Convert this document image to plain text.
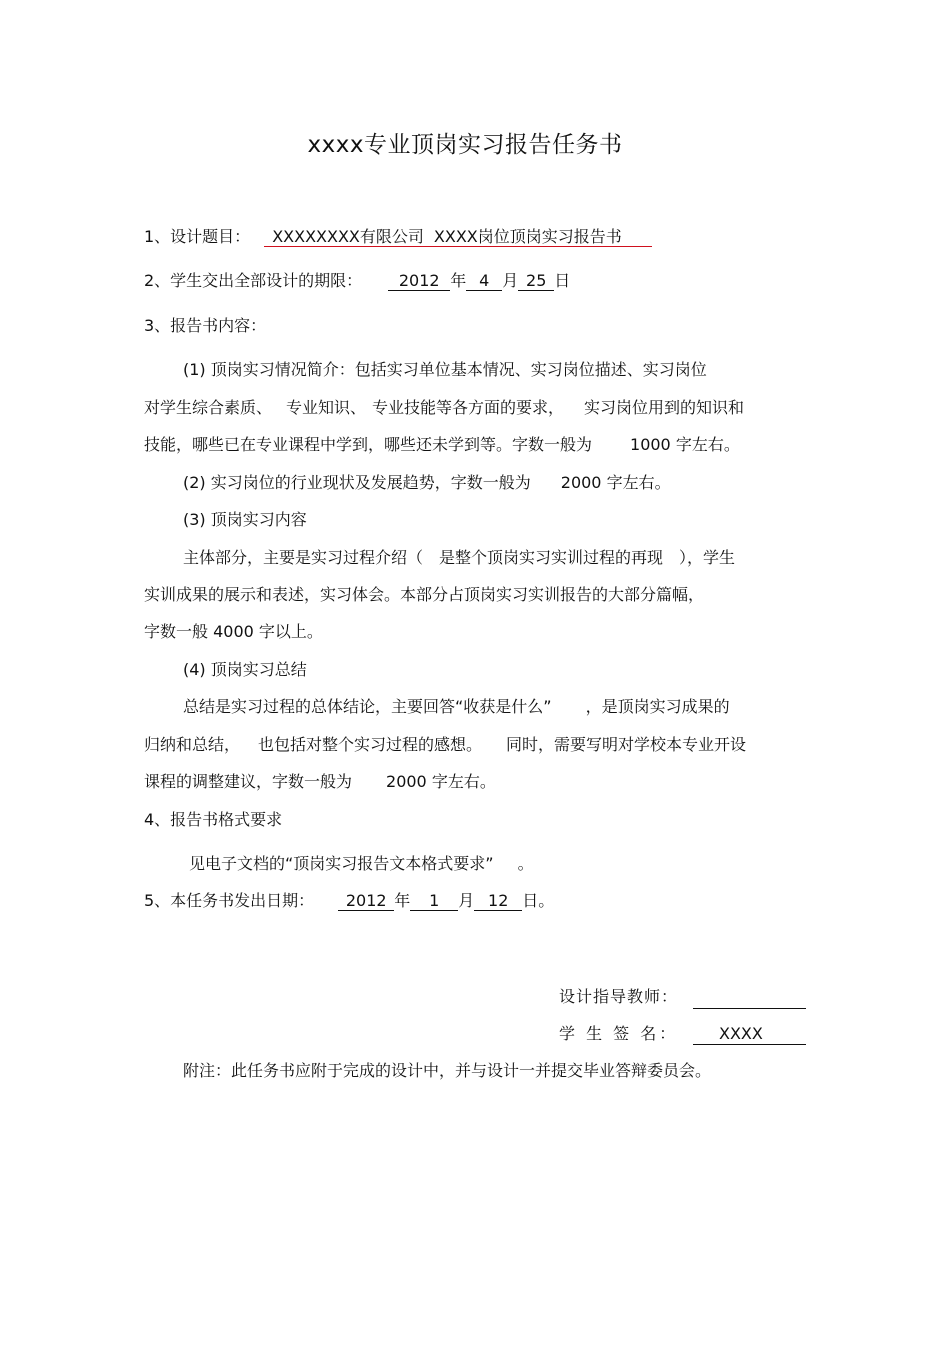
xxxx专业顶岗实习报告任务书
1、设计题目： XXXXXXXX有限公司 XXXX岗位顶岗实习报告书
2、学生交出全部设计的期限： 2012 年 4 月 25 日
3、报告书内容：
(1) 顶岗实习情况简介：包括实习单位基本情况、实习岗位描述、实习岗位
对学生综合素质、 专业知识、 专业技能等各方面的要求， 实习岗位用到的知识和
技能，哪些已在专业课程中学到，哪些还未学到等。字数一般为 1000 字左右。
(2) 实习岗位的行业现状及发展趋势，字数一般为 2000 字左右。
(3) 顶岗实习内容
主体部分，主要是实习过程介绍（ 是整个顶岗实习实训过程的再现 ），学生
实训成果的展示和表述，实习体会。本部分占顶岗实习实训报告的大部分篇幅，
字数一般 4000 字以上。
(4) 顶岗实习总结
总结是实习过程的总体结论，主要回答“收获是什么” ，是顶岗实习成果的
归纳和总结， 也包括对整个实习过程的感想。 同时，需要写明对学校本专业开设
课程的调整建议，字数一般为 2000 字左右。
4、报告书格式要求
见电子文档的“顶岗实习报告文本格式要求” 。
5、本任务书发出日期： 2012 年 1 月 12 日。
设计指导教师：
学 生 签 名：	XXXX
附注：此任务书应附于完成的设计中，并与设计一并提交毕业答辩委员会。
